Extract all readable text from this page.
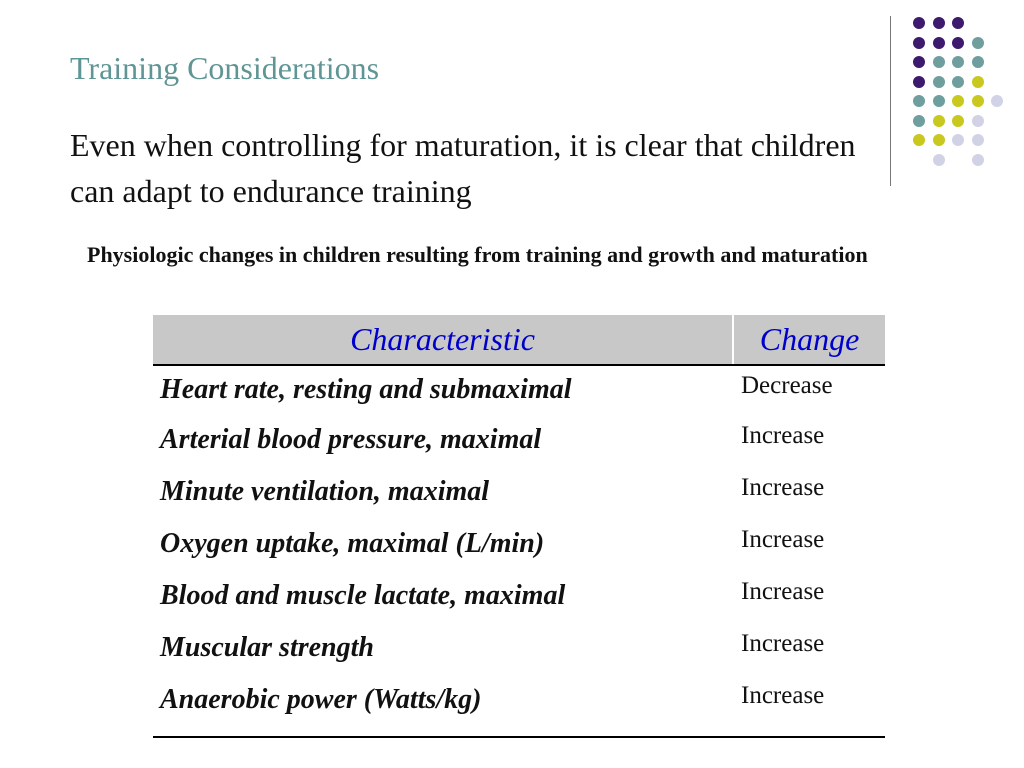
Training Considerations
Even when controlling for maturation, it is clear that children can adapt to endurance training
Physiologic changes in children resulting from training and growth and maturation
Characteristic	Change
Heart rate, resting and submaximal	Decrease
Arterial blood pressure, maximal	Increase
Minute ventilation, maximal	Increase
Oxygen uptake, maximal (L/min)	Increase
Blood and muscle lactate, maximal	Increase
Muscular strength	Increase
Anaerobic power (Watts/kg)	Increase
